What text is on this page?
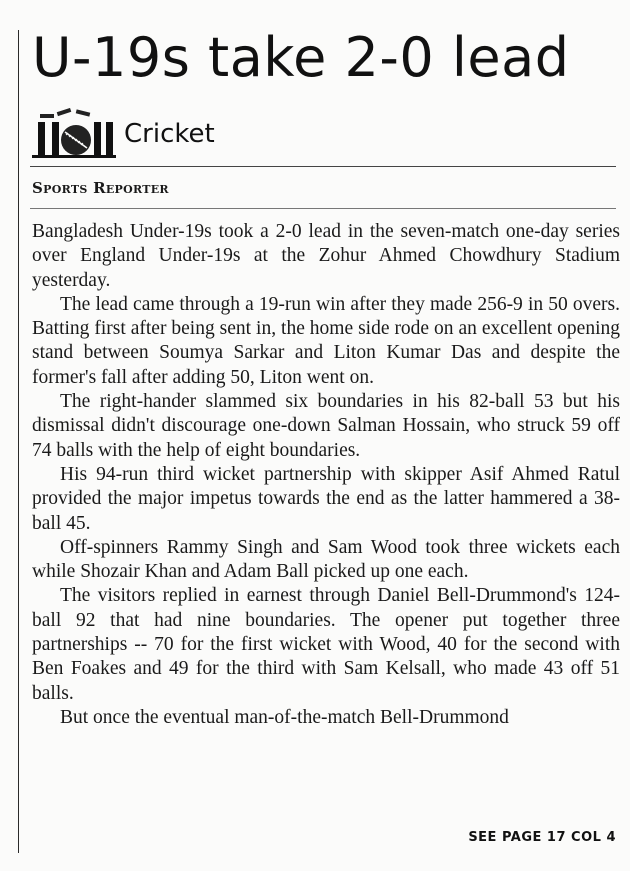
U-19s take 2-0 lead
Cricket
Sports Reporter

Bangladesh Under-19s took a 2-0 lead in the seven-match one-day series over England Under-19s at the Zohur Ahmed Chowdhury Stadium yesterday.

The lead came through a 19-run win after they made 256-9 in 50 overs. Batting first after being sent in, the home side rode on an excellent opening stand between Soumya Sarkar and Liton Kumar Das and despite the former's fall after adding 50, Liton went on.

The right-hander slammed six boundaries in his 82-ball 53 but his dismissal didn't discourage one-down Salman Hossain, who struck 59 off 74 balls with the help of eight boundaries.

His 94-run third wicket partnership with skipper Asif Ahmed Ratul provided the major impetus towards the end as the latter hammered a 38-ball 45.

Off-spinners Rammy Singh and Sam Wood took three wickets each while Shozair Khan and Adam Ball picked up one each.

The visitors replied in earnest through Daniel Bell-Drummond's 124-ball 92 that had nine boundaries. The opener put together three partnerships -- 70 for the first wicket with Wood, 40 for the second with Ben Foakes and 49 for the third with Sam Kelsall, who made 43 off 51 balls.

But once the eventual man-of-the-match Bell-Drummond

SEE PAGE 17 COL 4
